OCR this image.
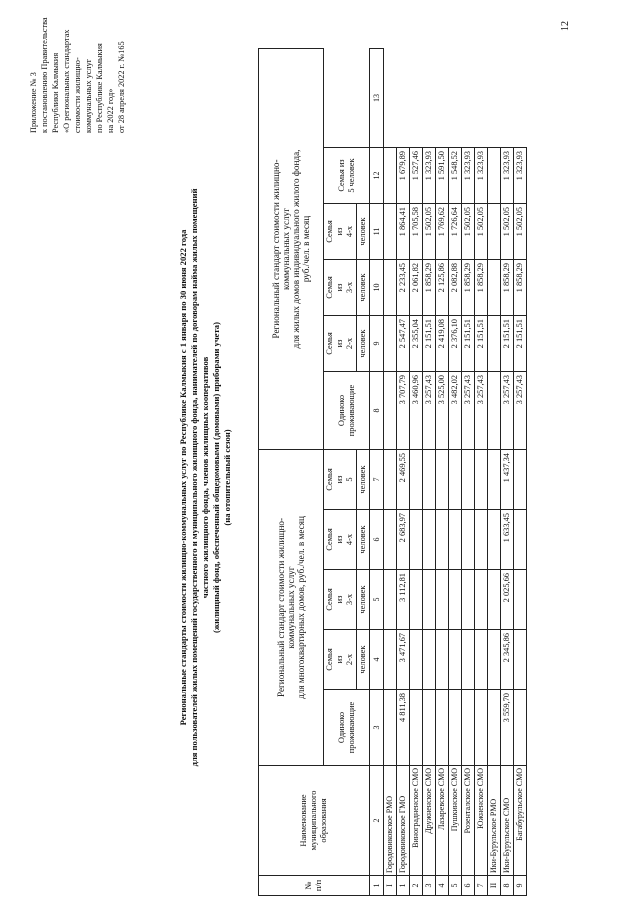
Приложение № 3 к постановлению Правительства Республики Калмыкия «О региональных стандартах стоимости жилищно- коммунальных услуг по Республике Калмыкия на 2022 год» от 28 апреля 2022 г. №165
Региональные стандарты стоимости жилищно-коммунальных услуг по Республике Калмыкия с 1 января по 30 июня 2022 года для пользователей жилых помещений государственного и муниципального жилищного фонда, нанимателей по договорам найма жилых помещений частного жилищного фонда, членов жилищных кооперативов (жилищный фонд, обеспеченный общедомовыми (домовыми) приборами учета) (на отопительный сезон)
№
п/п	Наименование
муниципального
образования	Региональный стандарт стоимости жилищно-
коммунальных услуг
для многоквартирных домов, руб./чел. в месяц					Региональный стандарт стоимости жилищно-
коммунальных услуг
для жилых домов индивидуального жилого фонда,
руб./чел. в месяц					
		Одиноко
проживающие	Семья
из
2-х	Семья
из
3-х	Семья
из
4-х	Семья
из
5	Одиноко
проживающие	Семья
из
2-х	Семья
из
3-х	Семья
из
4-х	Семья из
5 человек	
			человек	человек	человек	человек		человек	человек	человек		
1	2	3	4	5	6	7	8	9	10	11	12	13
I	Городовиковское РМО											
1	Городовиковское ГМО	4 811,38	3 471,67	3 112,81	2 683,97	2 469,55	3 707,79	2 547,47	2 233,45	1 864,41	1 679,89	
2	Виноградненское СМО						3 460,96	2 355,04	2 061,82	1 705,58	1 527,46	
3	Дружненское СМО						3 257,43	2 151,51	1 858,29	1 502,05	1 323,93	
4	Лазаревское СМО						3 525,00	2 419,08	2 125,86	1 769,62	1 591,50	
5	Пушкинское СМО						3 482,02	2 376,10	2 082,88	1 726,64	1 548,52	
6	Розенталское СМО						3 257,43	2 151,51	1 858,29	1 502,05	1 323,93	
7	Южненское СМО						3 257,43	2 151,51	1 858,29	1 502,05	1 323,93	
II	Ики-Бурульское РМО											
8	Ики-Бурульское СМО	3 559,70	2 345,86	2 025,66	1 633,45	1 437,34	3 257,43	2 151,51	1 858,29	1 502,05	1 323,93	
9	Багабурульское СМО						3 257,43	2 151,51	1 858,29	1 502,05	1 323,93	
12
